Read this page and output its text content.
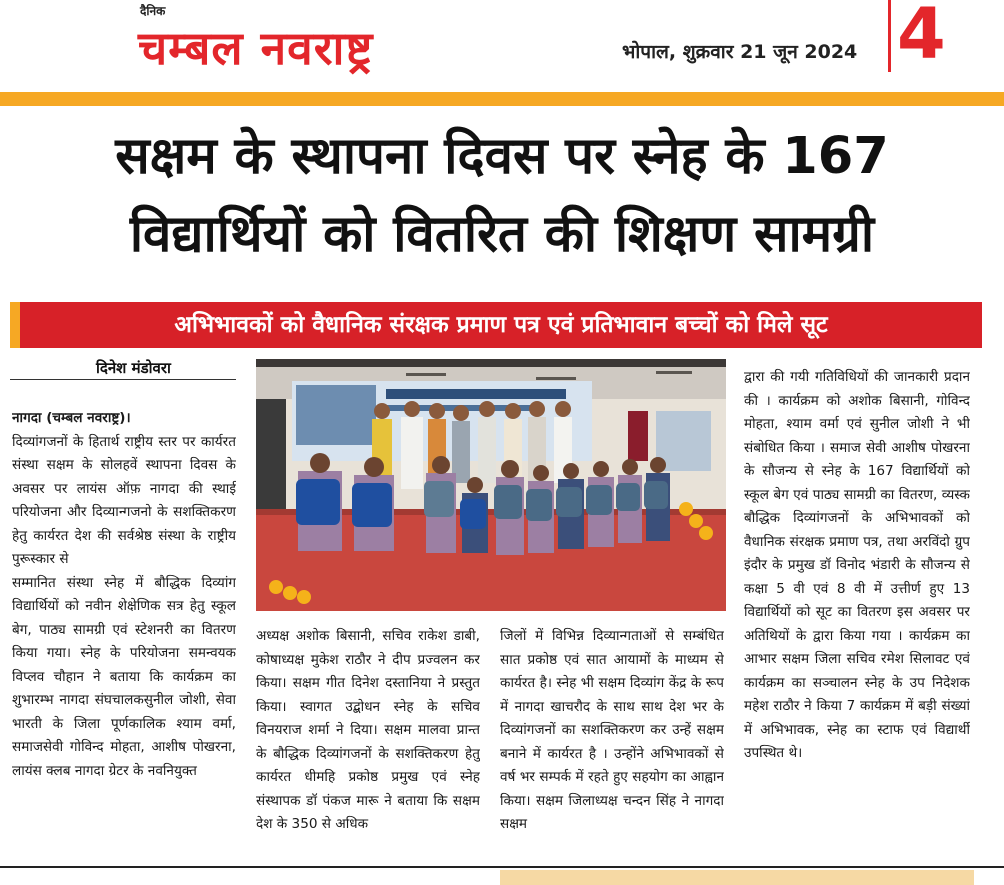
दैनिक
चम्बल नवराष्ट्र	भोपाल, शुक्रवार 21 जून 2024 4
सक्षम के स्थापना दिवस पर स्नेह के 167
विद्यार्थियों को वितरित की शिक्षण सामग्री
अभिभावकों को वैधानिक संरक्षक प्रमाण पत्र एवं प्रतिभावान बच्चों को मिले सूट
दिनेश मंडोवरा

नागदा (चम्बल नवराष्ट्र)।

दिव्यांगजनों के हितार्थ राष्ट्रीय स्तर पर कार्यरत संस्था सक्षम के सोलहवें स्थापना दिवस के अवसर पर लायंस ऑफ़ नागदा की स्थाई परियोजना और दिव्यान्गजनो के सशक्तिकरण हेतु कार्यरत देश की सर्वश्रेष्ठ संस्था के राष्ट्रीय पुरूस्कार से

सम्मानित संस्था स्नेह में बौद्धिक दिव्यांग विद्यार्थियों को नवीन शेक्षेणिक सत्र हेतु स्कूल बेग, पाठ्य सामग्री एवं स्टेशनरी का वितरण किया गया। स्नेह के परियोजना समन्वयक विप्लव चौहान ने बताया कि कार्यक्रम का शुभारम्भ नागदा संघचालकसुनील जोशी, सेवा भारती के जिला पूर्णकालिक श्याम वर्मा, समाजसेवी गोविन्द मोहता, आशीष पोखरना, लायंस क्लब नागदा ग्रेटर के नवनियुक्त

अध्यक्ष अशोक बिसानी, सचिव राकेश डाबी, कोषाध्यक्ष मुकेश राठौर ने दीप प्रज्वलन कर किया। सक्षम गीत दिनेश दस्तानिया ने प्रस्तुत किया। स्वागत उद्बोधन स्नेह के सचिव विनयराज शर्मा ने दिया। सक्षम मालवा प्रान्त के बौद्धिक दिव्यांगजनों के सशक्तिकरण हेतु कार्यरत धीमहि प्रकोष्ठ प्रमुख एवं स्नेह संस्थापक डॉ पंकज मारू ने बताया कि सक्षम देश के 350 से अधिक

जिलों में विभिन्न दिव्यान्गताओं से सम्बंधित सात प्रकोष्ठ एवं सात आयामों के माध्यम से कार्यरत है। स्नेह भी सक्षम दिव्यांग केंद्र के रूप में नागदा खाचरौद के साथ साथ देश भर के दिव्यांगजनों का सशक्तिकरण कर उन्हें सक्षम बनाने में कार्यरत है । उन्होंने अभिभावकों से वर्ष भर सम्पर्क में रहते हुए सहयोग का आह्वान किया। सक्षम जिलाध्यक्ष चन्दन सिंह ने नागदा सक्षम

द्वारा की गयी गतिविधियों की जानकारी प्रदान की । कार्यक्रम को अशोक बिसानी, गोविन्द मोहता, श्याम वर्मा एवं सुनील जोशी ने भी संबोधित किया । समाज सेवी आशीष पोखरना के सौजन्य से स्नेह के 167 विद्यार्थियों को स्कूल बेग एवं पाठ्य सामग्री का वितरण, व्यस्क बौद्धिक दिव्यांगजनों के अभिभावकों को वैधानिक संरक्षक प्रमाण पत्र, तथा अरविंदो ग्रुप इंदौर के प्रमुख डॉ विनोद भंडारी के सौजन्य से कक्षा 5 वी एवं 8 वी में उत्तीर्ण हुए 13 विद्यार्थियों को सूट का वितरण इस अवसर पर अतिथियों के द्वारा किया गया । कार्यक्रम का आभार सक्षम जिला सचिव रमेश सिलावट एवं कार्यक्रम का सञ्चालन स्नेह के उप निदेशक महेश राठौर ने किया 7 कार्यक्रम में बड़ी संख्यां में अभिभावक, स्नेह का स्टाफ एवं विद्यार्थी उपस्थित थे।
